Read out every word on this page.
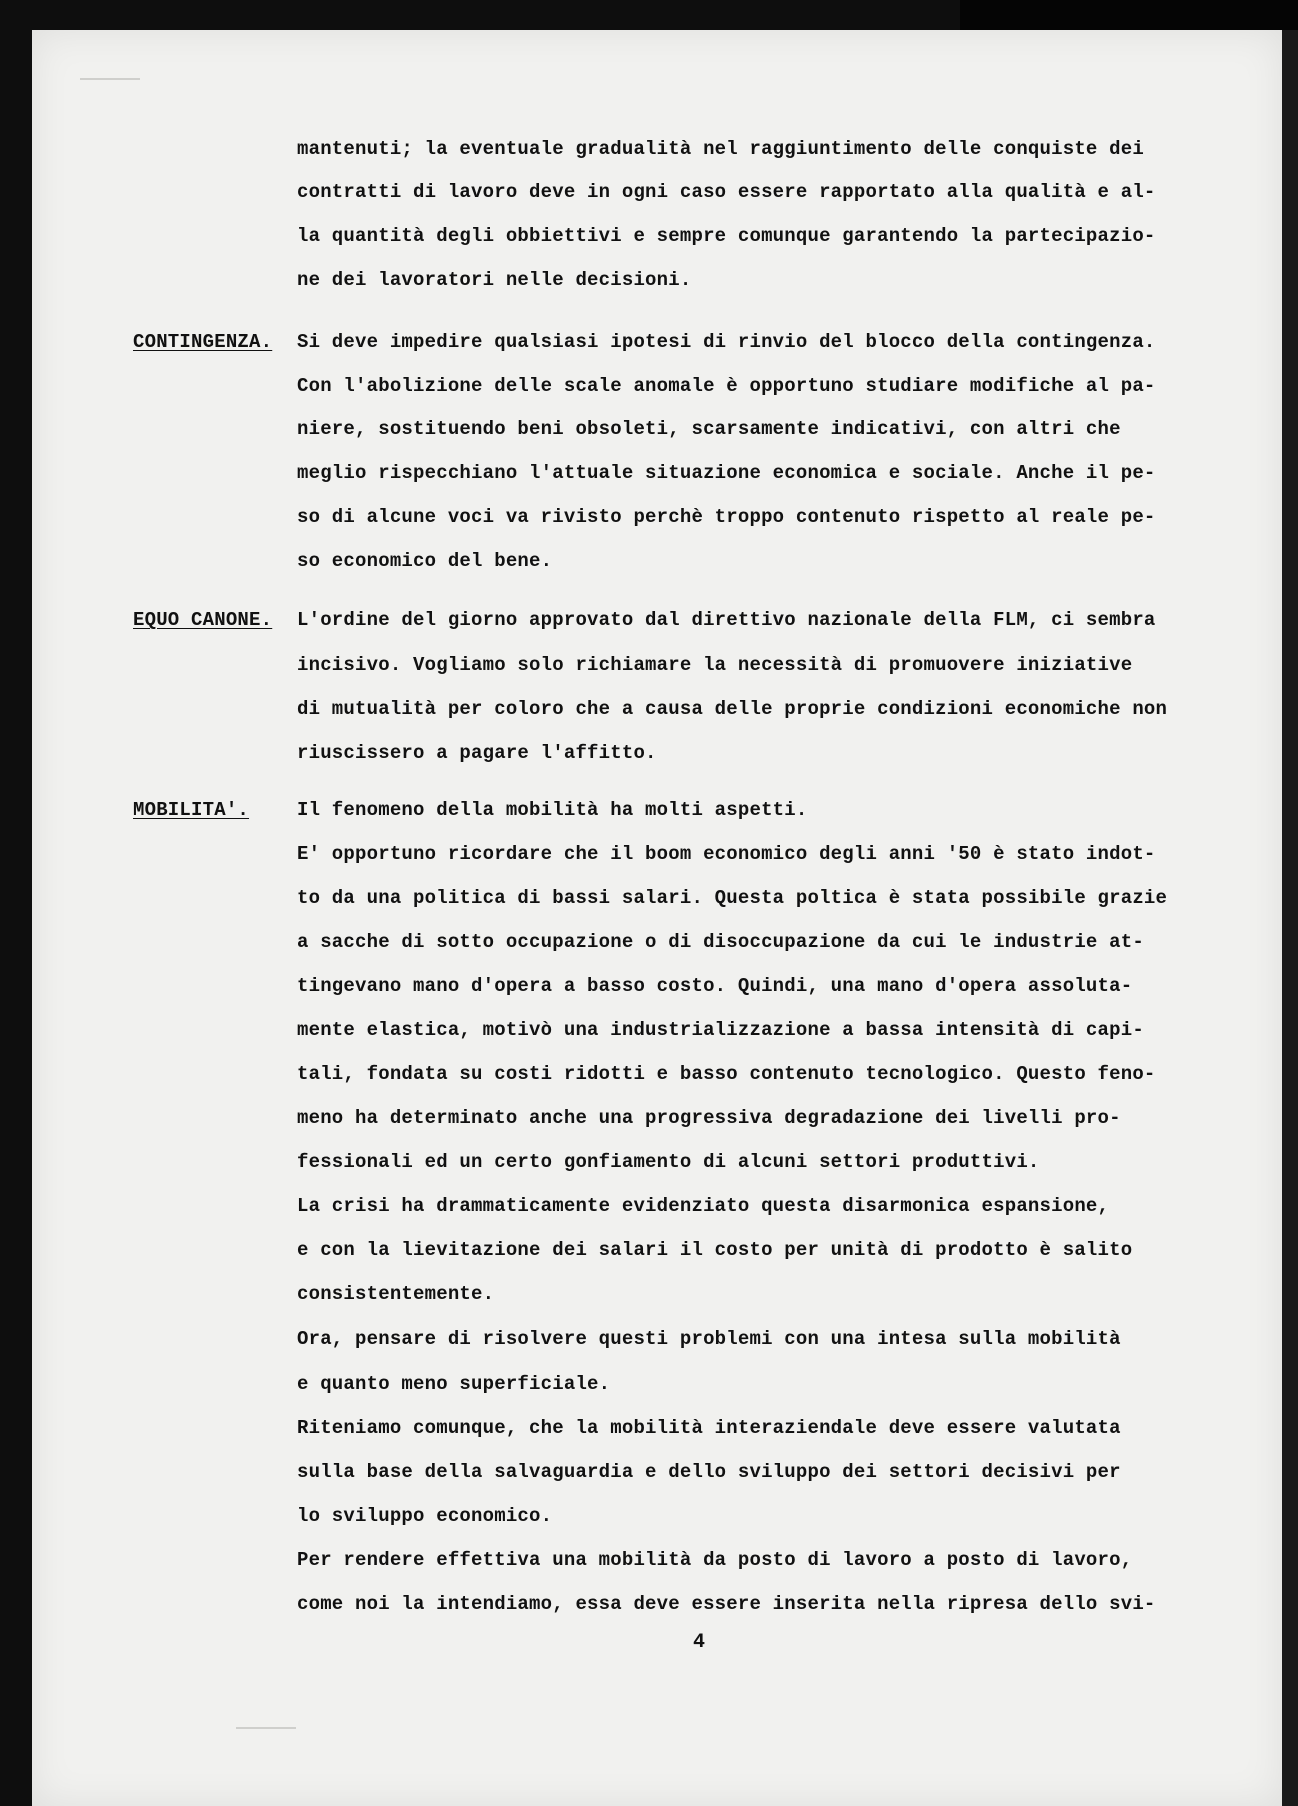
mantenuti; la eventuale gradualità nel raggiuntimento delle conquiste dei
contratti di lavoro deve in ogni caso essere rapportato alla qualità e al-
la quantità degli obbiettivi e sempre comunque garantendo la partecipazio-
ne dei lavoratori nelle decisioni.
CONTINGENZA. Si deve impedire qualsiasi ipotesi di rinvio del blocco della contingenza.
Con l'abolizione delle scale anomale è opportuno studiare modifiche al pa-
niere, sostituendo beni obsoleti, scarsamente indicativi, con altri che
meglio rispecchiano l'attuale situazione economica e sociale. Anche il pe-
so di alcune voci va rivisto perchè troppo contenuto rispetto al reale pe-
so economico del bene.
EQUO CANONE. L'ordine del giorno approvato dal direttivo nazionale della FLM, ci sembra
incisivo. Vogliamo solo richiamare la necessità di promuovere iniziative
di mutualità per coloro che a causa delle proprie condizioni economiche non
riuscissero a pagare l'affitto.
MOBILITA'.	Il fenomeno della mobilità ha molti aspetti.
E' opportuno ricordare che il boom economico degli anni '50 è stato indot-
to da una politica di bassi salari. Questa poltica è stata possibile grazie
a sacche di sotto occupazione o di disoccupazione da cui le industrie at-
tingevano mano d'opera a basso costo. Quindi, una mano d'opera assoluta-
mente elastica, motivò una industrializzazione a bassa intensità di capi-
tali, fondata su costi ridotti e basso contenuto tecnologico. Questo feno-
meno ha determinato anche una progressiva degradazione dei livelli pro-
fessionali ed un certo gonfiamento di alcuni settori produttivi.
La crisi ha drammaticamente evidenziato questa disarmonica espansione,
e con la lievitazione dei salari il costo per unità di prodotto è salito
consistentemente.
Ora, pensare di risolvere questi problemi con una intesa sulla mobilità
e quanto meno superficiale.
Riteniamo comunque, che la mobilità interaziendale deve essere valutata
sulla base della salvaguardia e dello sviluppo dei settori decisivi per
lo sviluppo economico.
Per rendere effettiva una mobilità da posto di lavoro a posto di lavoro,
come noi la intendiamo, essa deve essere inserita nella ripresa dello svi-
4
